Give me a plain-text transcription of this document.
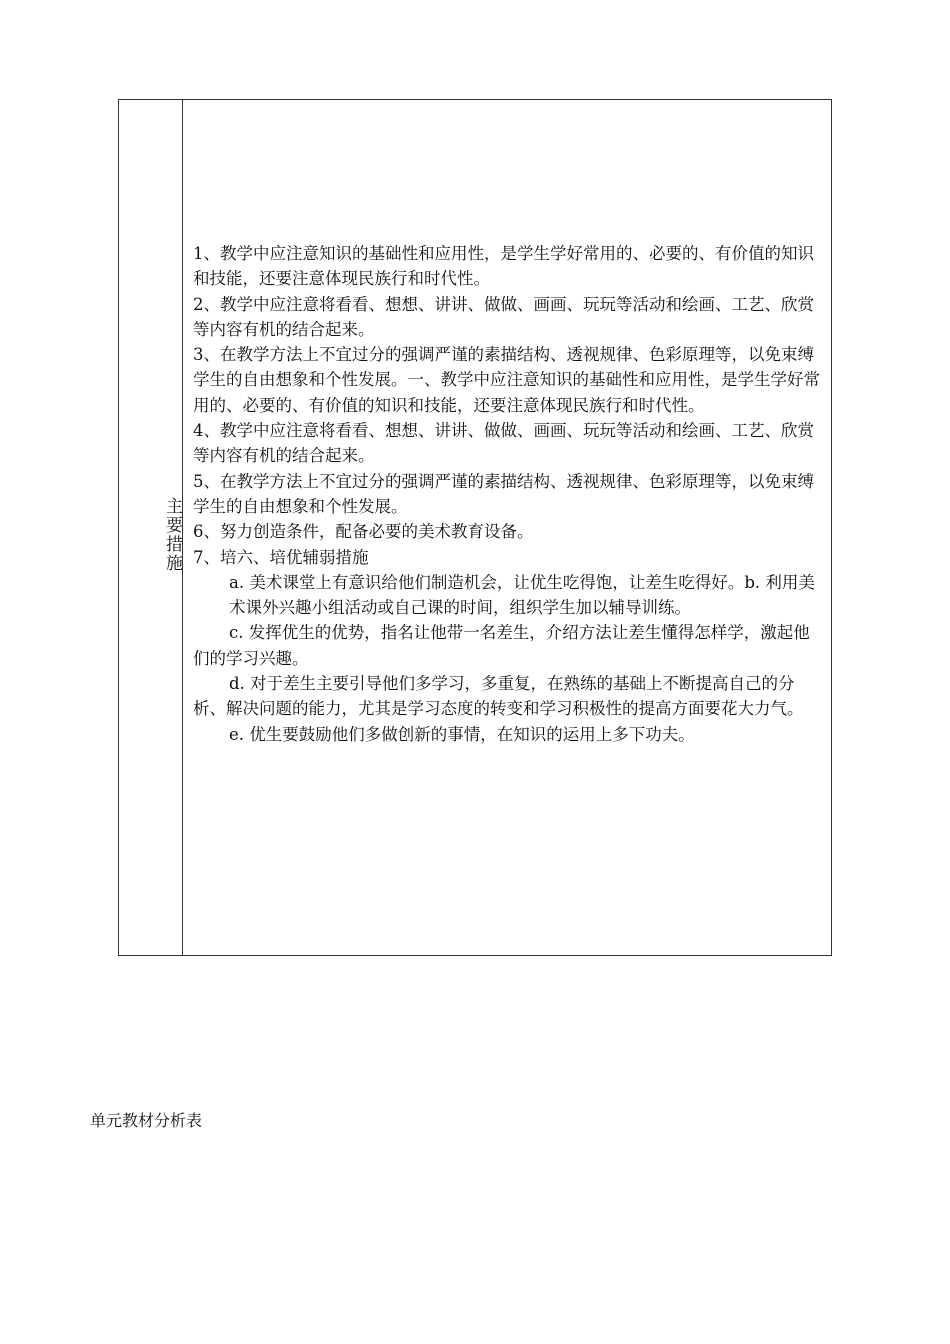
主要措施

1、教学中应注意知识的基础性和应用性，是学生学好常用的、必要的、有价值的知识和技能，还要注意体现民族行和时代性。

2、教学中应注意将看看、想想、讲讲、做做、画画、玩玩等活动和绘画、工艺、欣赏等内容有机的结合起来。

3、在教学方法上不宜过分的强调严谨的素描结构、透视规律、色彩原理等，以免束缚学生的自由想象和个性发展。一、教学中应注意知识的基础性和应用性，是学生学好常用的、必要的、有价值的知识和技能，还要注意体现民族行和时代性。

4、教学中应注意将看看、想想、讲讲、做做、画画、玩玩等活动和绘画、工艺、欣赏等内容有机的结合起来。

5、在教学方法上不宜过分的强调严谨的素描结构、透视规律、色彩原理等，以免束缚学生的自由想象和个性发展。

6、努力创造条件，配备必要的美术教育设备。

7、培六、培优辅弱措施

a. 美术课堂上有意识给他们制造机会，让优生吃得饱，让差生吃得好。b. 利用美术课外兴趣小组活动或自己课的时间，组织学生加以辅导训练。

c. 发挥优生的优势，指名让他带一名差生，介绍方法让差生懂得怎样学，激起他们的学习兴趣。

d. 对于差生主要引导他们多学习，多重复，在熟练的基础上不断提高自己的分析、解决问题的能力，尤其是学习态度的转变和学习积极性的提高方面要花大力气。

e. 优生要鼓励他们多做创新的事情，在知识的运用上多下功夫。

单元教材分析表
